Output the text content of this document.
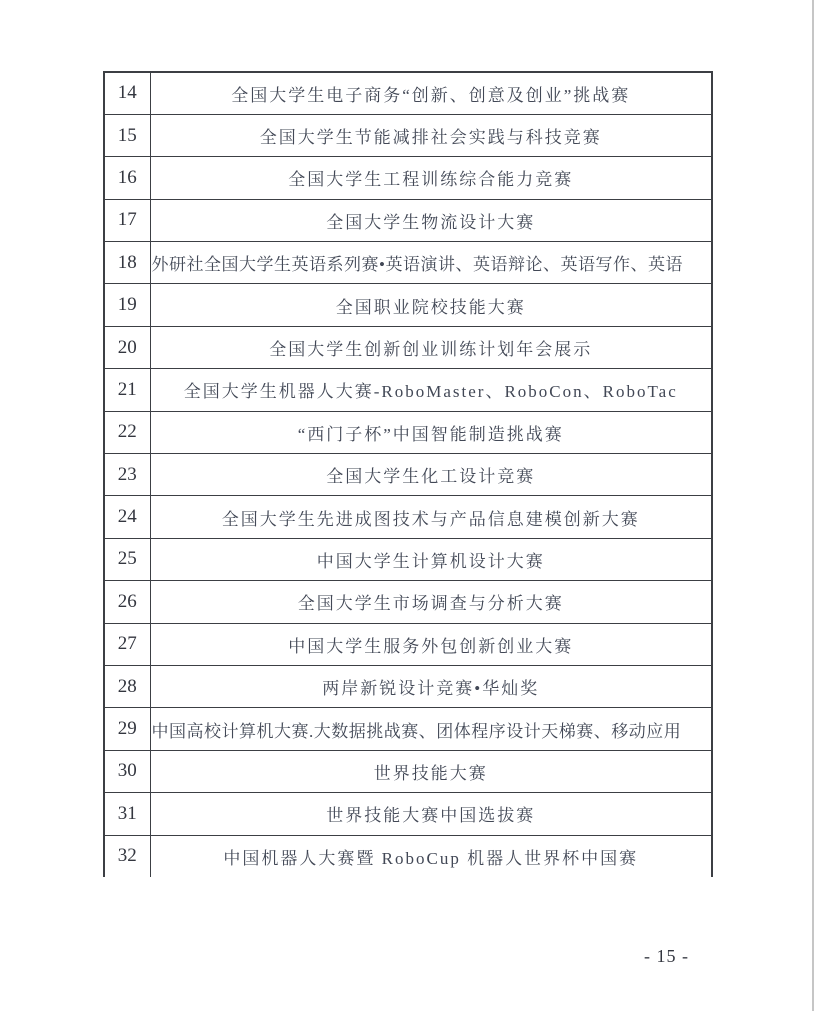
14	全国大学生电子商务“创新、创意及创业”挑战赛
15	全国大学生节能减排社会实践与科技竞赛
16	全国大学生工程训练综合能力竞赛
17	全国大学生物流设计大赛
18	外研社全国大学生英语系列赛•英语演讲、英语辩论、英语写作、英语
19	全国职业院校技能大赛
20	全国大学生创新创业训练计划年会展示
21	全国大学生机器人大赛-RoboMaster、RoboCon、RoboTac
22	“西门子杯”中国智能制造挑战赛
23	全国大学生化工设计竞赛
24	全国大学生先进成图技术与产品信息建模创新大赛
25	中国大学生计算机设计大赛
26	全国大学生市场调查与分析大赛
27	中国大学生服务外包创新创业大赛
28	两岸新锐设计竞赛•华灿奖
29	中国高校计算机大赛.大数据挑战赛、团体程序设计天梯赛、移动应用
30	世界技能大赛
31	世界技能大赛中国选拔赛
32	中国机器人大赛暨 RoboCup 机器人世界杯中国赛
- 15 -
